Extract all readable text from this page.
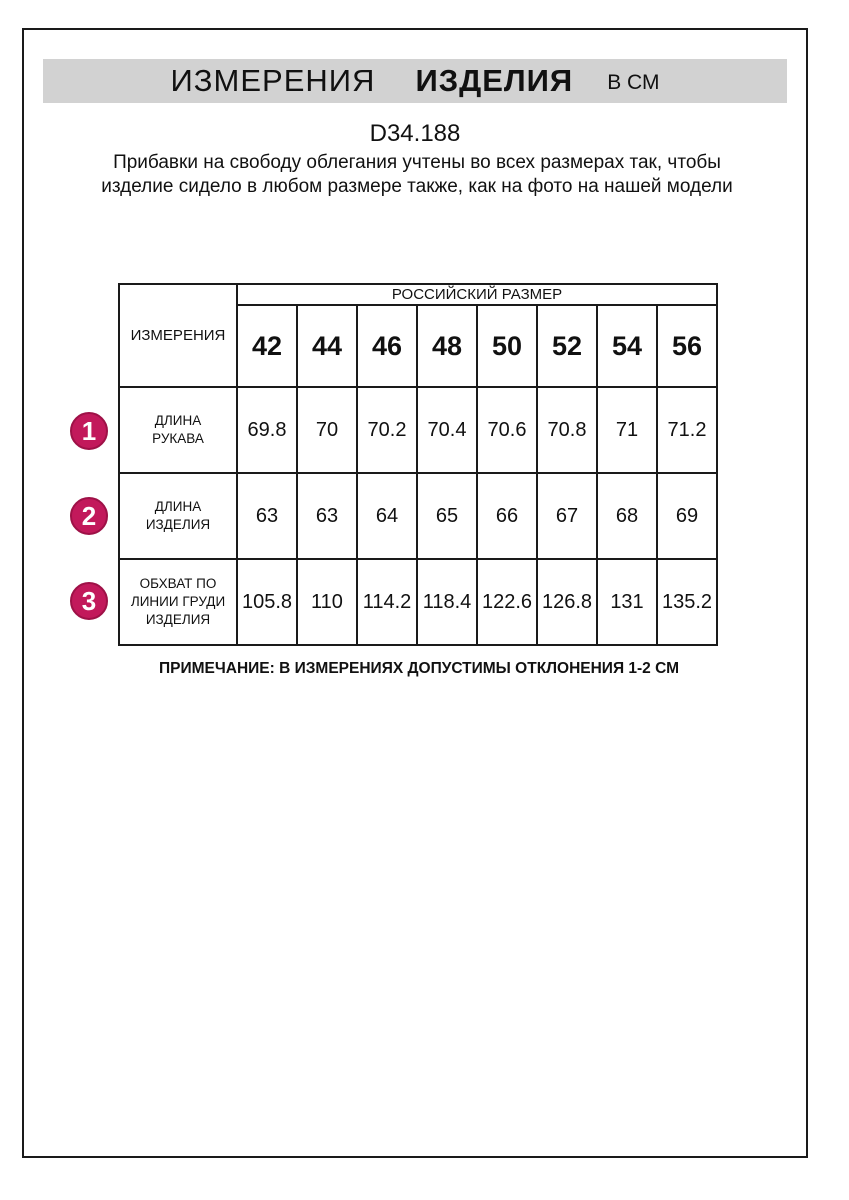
ИЗМЕРЕНИЯ ИЗДЕЛИЯ В СМ
D34.188
Прибавки на свободу облегания учтены во всех размерах так, чтобы изделие сидело в любом размере также, как на фото на нашей модели
ИЗМЕРЕНИЯ	РОССИЙСКИЙ РАЗМЕР							
	42	44	46	48	50	52	54	56
ДЛИНА РУКАВА	69.8	70	70.2	70.4	70.6	70.8	71	71.2
ДЛИНА ИЗДЕЛИЯ	63	63	64	65	66	67	68	69
ОБХВАТ ПО ЛИНИИ ГРУДИ ИЗДЕЛИЯ	105.8	110	114.2	118.4	122.6	126.8	131	135.2
1
2
3
ПРИМЕЧАНИЕ: В ИЗМЕРЕНИЯХ ДОПУСТИМЫ ОТКЛОНЕНИЯ 1-2 СМ
